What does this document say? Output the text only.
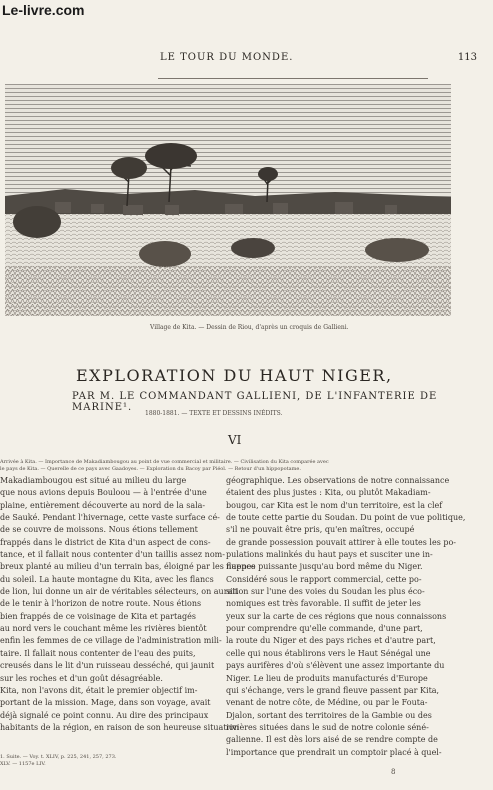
Le-livre.com
LE TOUR DU MONDE.	113
Village de Kita. — Dessin de Riou, d'après un croquis de Gallieni.
EXPLORATION DU HAUT NIGER,
PAR M. LE COMMANDANT GALLIENI, DE L'INFANTERIE DE MARINE¹.
1880-1881. — TEXTE ET DESSINS INÉDITS.
VI
Arrivée à Kita. — Importance de Makadiambougou au point de vue commercial et militaire. — Civilisation du Kita comparée avec
le pays de Kita. — Querelle de ce pays avec Gaadoyes. — Exploration du Bacoy par Piéol. — Retour d'un hippopotame.
Makadiambougou est situé au milieu du large
que nous avions depuis Bouloou — à l'entrée d'une
plaine, entièrement découverte au nord de la sala-
de Sauké. Pendant l'hivernage, cette vaste surface cé-
de se couvre de moissons. Nous étions tellement
frappés dans le district de Kita d'un aspect de cons-
tance, et il fallait nous contenter d'un taillis assez nom-
breux planté au milieu d'un terrain bas, éloigné par les nappes
du soleil. La haute montagne du Kita, avec les flancs
de lion, lui donne un air de véritables sélecteurs, on aurait
de le tenir à l'horizon de notre route. Nous étions
bien frappés de ce voisinage de Kita et partagés
au nord vers le couchant même les rivières bientôt
enfin les femmes de ce village de l'administration mili-
taire. Il fallait nous contenter de l'eau des puits,
creusés dans le lit d'un ruisseau desséché, qui jaunit
sur les roches et d'un goût désagréable.
Kita, non l'avons dit, était le premier objectif im-
portant de la mission. Mage, dans son voyage, avait
déjà signalé ce point connu. Au dire des principaux
habitants de la région, en raison de son heureuse situation
géographique. Les observations de notre connaissance
étaient des plus justes : Kita, ou plutôt Makadiam-
bougou, car Kita est le nom d'un territoire, est la clef
de toute cette partie du Soudan. Du point de vue politique,
s'il ne pouvait être pris, qu'en maîtres, occupé
de grande possession pouvait attirer à elle toutes les po-
pulations malinkés du haut pays et susciter une in-
fluence puissante jusqu'au bord même du Niger.
Considéré sous le rapport commercial, cette po-
sition sur l'une des voies du Soudan les plus éco-
nomiques est très favorable. Il suffit de jeter les
yeux sur la carte de ces régions que nous connaissons
pour comprendre qu'elle commande, d'une part,
la route du Niger et des pays riches et d'autre part,
celle qui nous établirons vers le Haut Sénégal une
pays aurifères d'où s'élèvent une assez importante du
Niger. Le lieu de produits manufacturés d'Europe
qui s'échange, vers le grand fleuve passent par Kita,
venant de notre côte, de Médine, ou par le Fouta-
Djalon, sortant des territoires de la Gambie ou des
rivières situées dans le sud de notre colonie séné-
galienne. Il est dès lors aisé de se rendre compte de
l'importance que prendrait un comptoir placé à quel-
1. Suite. — Voy. t. XLIV, p. 225, 241, 257, 273.
XLV. — 1157e LIV.
8
